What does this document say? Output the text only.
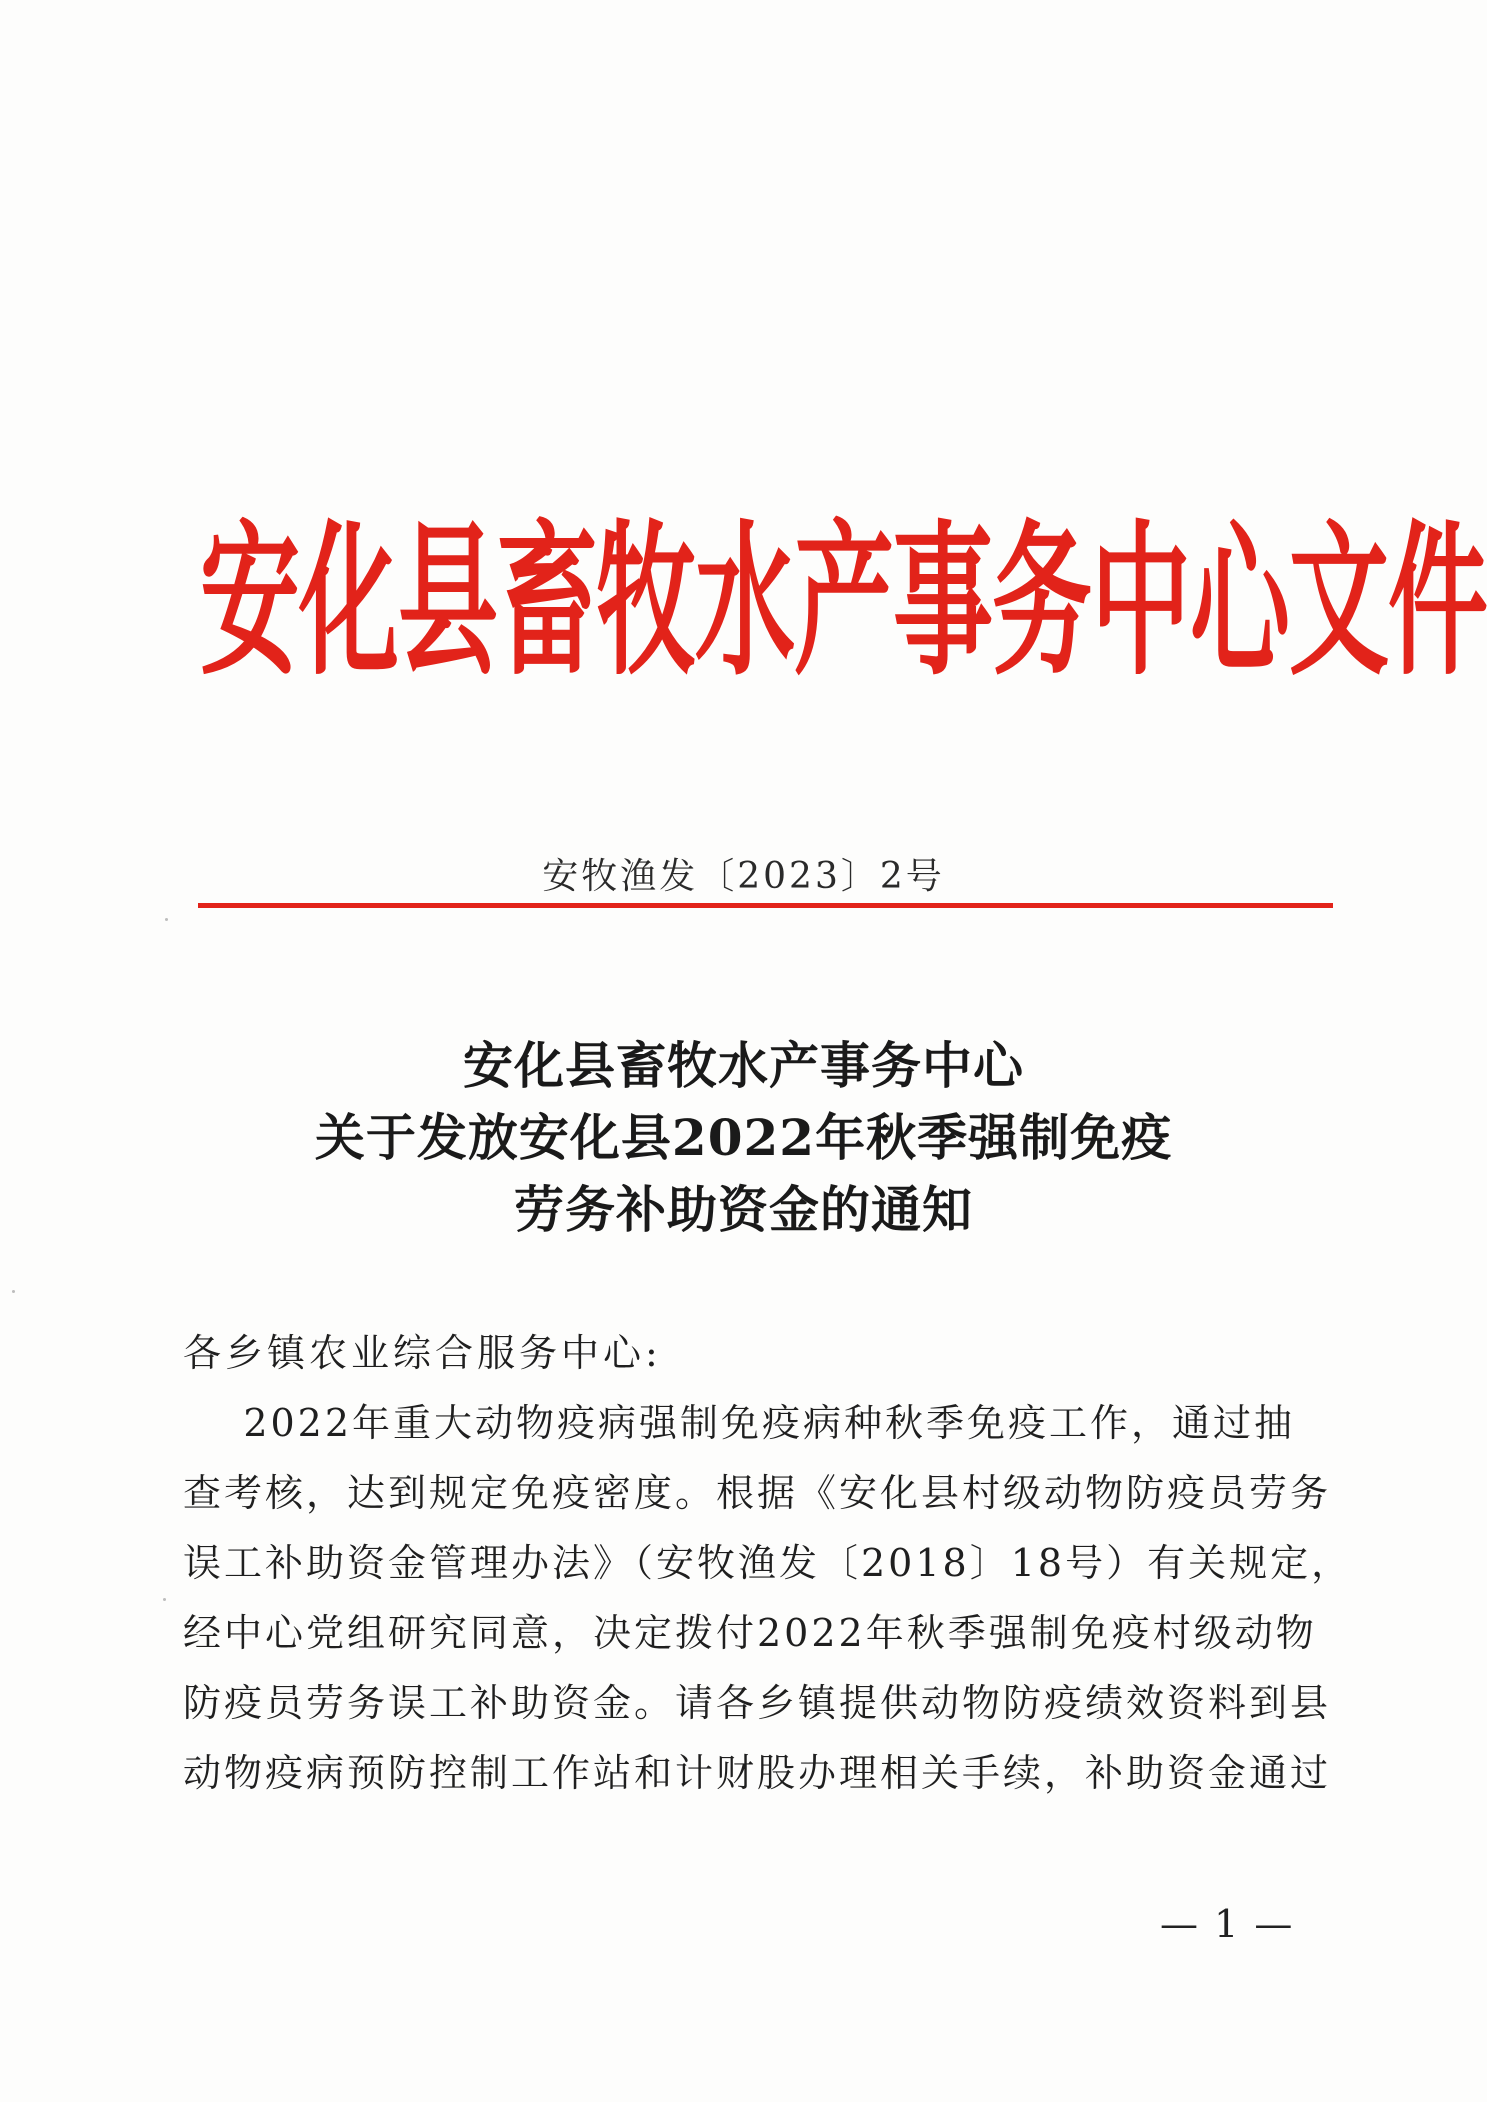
安化县畜牧水产事务中心文件
安牧渔发〔2023〕2号
安化县畜牧水产事务中心
关于发放安化县2022年秋季强制免疫
劳务补助资金的通知
各乡镇农业综合服务中心:
2022年重大动物疫病强制免疫病种秋季免疫工作，通过抽
查考核，达到规定免疫密度。根据《安化县村级动物防疫员劳务
误工补助资金管理办法》（安牧渔发〔2018〕18号）有关规定，
经中心党组研究同意，决定拨付2022年秋季强制免疫村级动物
防疫员劳务误工补助资金。请各乡镇提供动物防疫绩效资料到县
动物疫病预防控制工作站和计财股办理相关手续，补助资金通过
— 1 —
